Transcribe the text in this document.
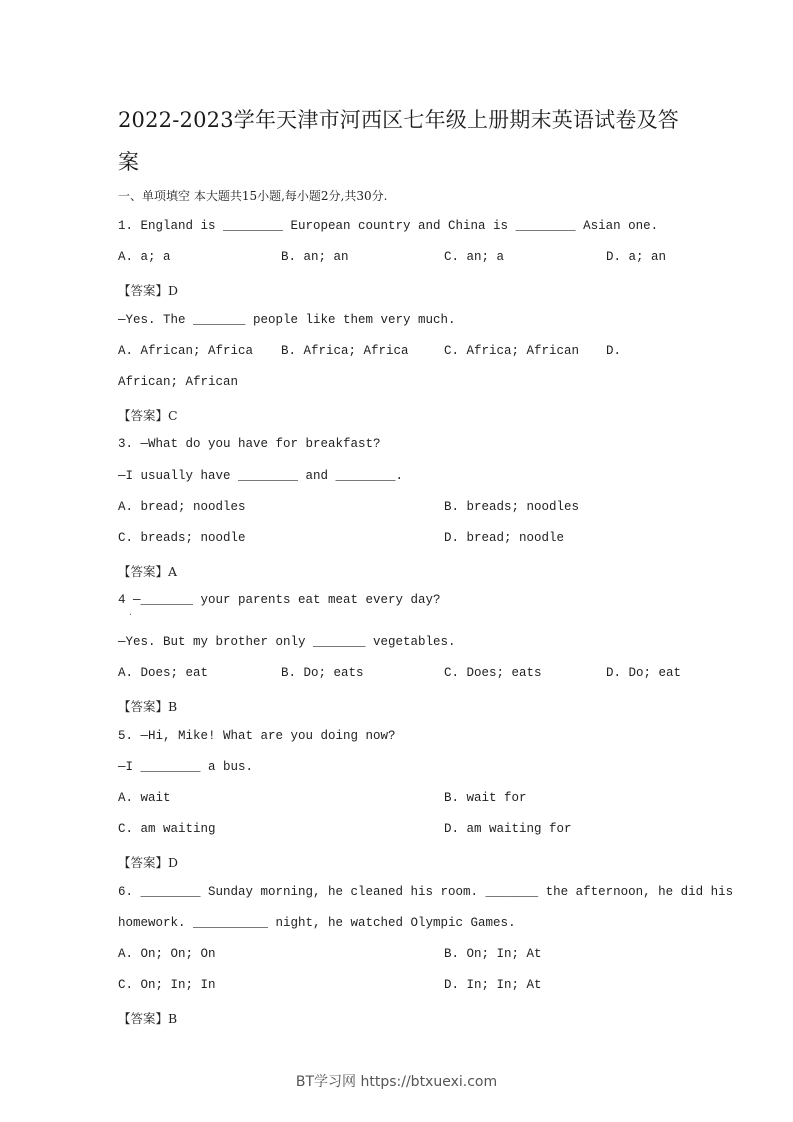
2022-2023学年天津市河西区七年级上册期末英语试卷及答
案
一、单项填空 本大题共15小题,每小题2分,共30分.
1. England is ________ European country and China is ________ Asian one.
A. a; a	B. an; an	C. an; a	D. a; an
【答案】D
—Yes. The _______ people like them very much.
A. African; Africa B. Africa; Africa	C. Africa; African D.
African; African
【答案】C
3. —What do you have for breakfast?
—I usually have ________ and ________.
A. bread; noodles	B. breads; noodles
C. breads; noodle	D. bread; noodle
【答案】A
4 —_______ your parents eat meat every day?
.
—Yes. But my brother only _______ vegetables.
A. Does; eat	B. Do; eats	C. Does; eats	D. Do; eat
【答案】B
5. —Hi, Mike! What are you doing now?
—I ________ a bus.
A. wait	B. wait for
C. am waiting	D. am waiting for
【答案】D
6. ________ Sunday morning, he cleaned his room. _______ the afternoon, he did his
homework. __________ night, he watched Olympic Games.
A. On; On; On	B. On; In; At
C. On; In; In	D. In; In; At
【答案】B
BT学习网 https://btxuexi.com
